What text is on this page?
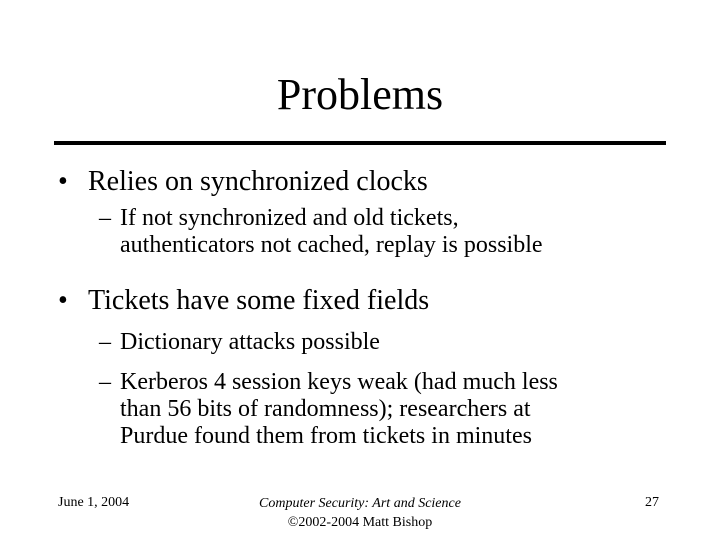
Problems
• Relies on synchronized clocks
– If not synchronized and old tickets,
authenticators not cached, replay is possible
• Tickets have some fixed fields
– Dictionary attacks possible
– Kerberos 4 session keys weak (had much less
than 56 bits of randomness); researchers at
Purdue found them from tickets in minutes
June 1, 2004	Computer Security: Art and Science
©2002-2004 Matt Bishop
27
